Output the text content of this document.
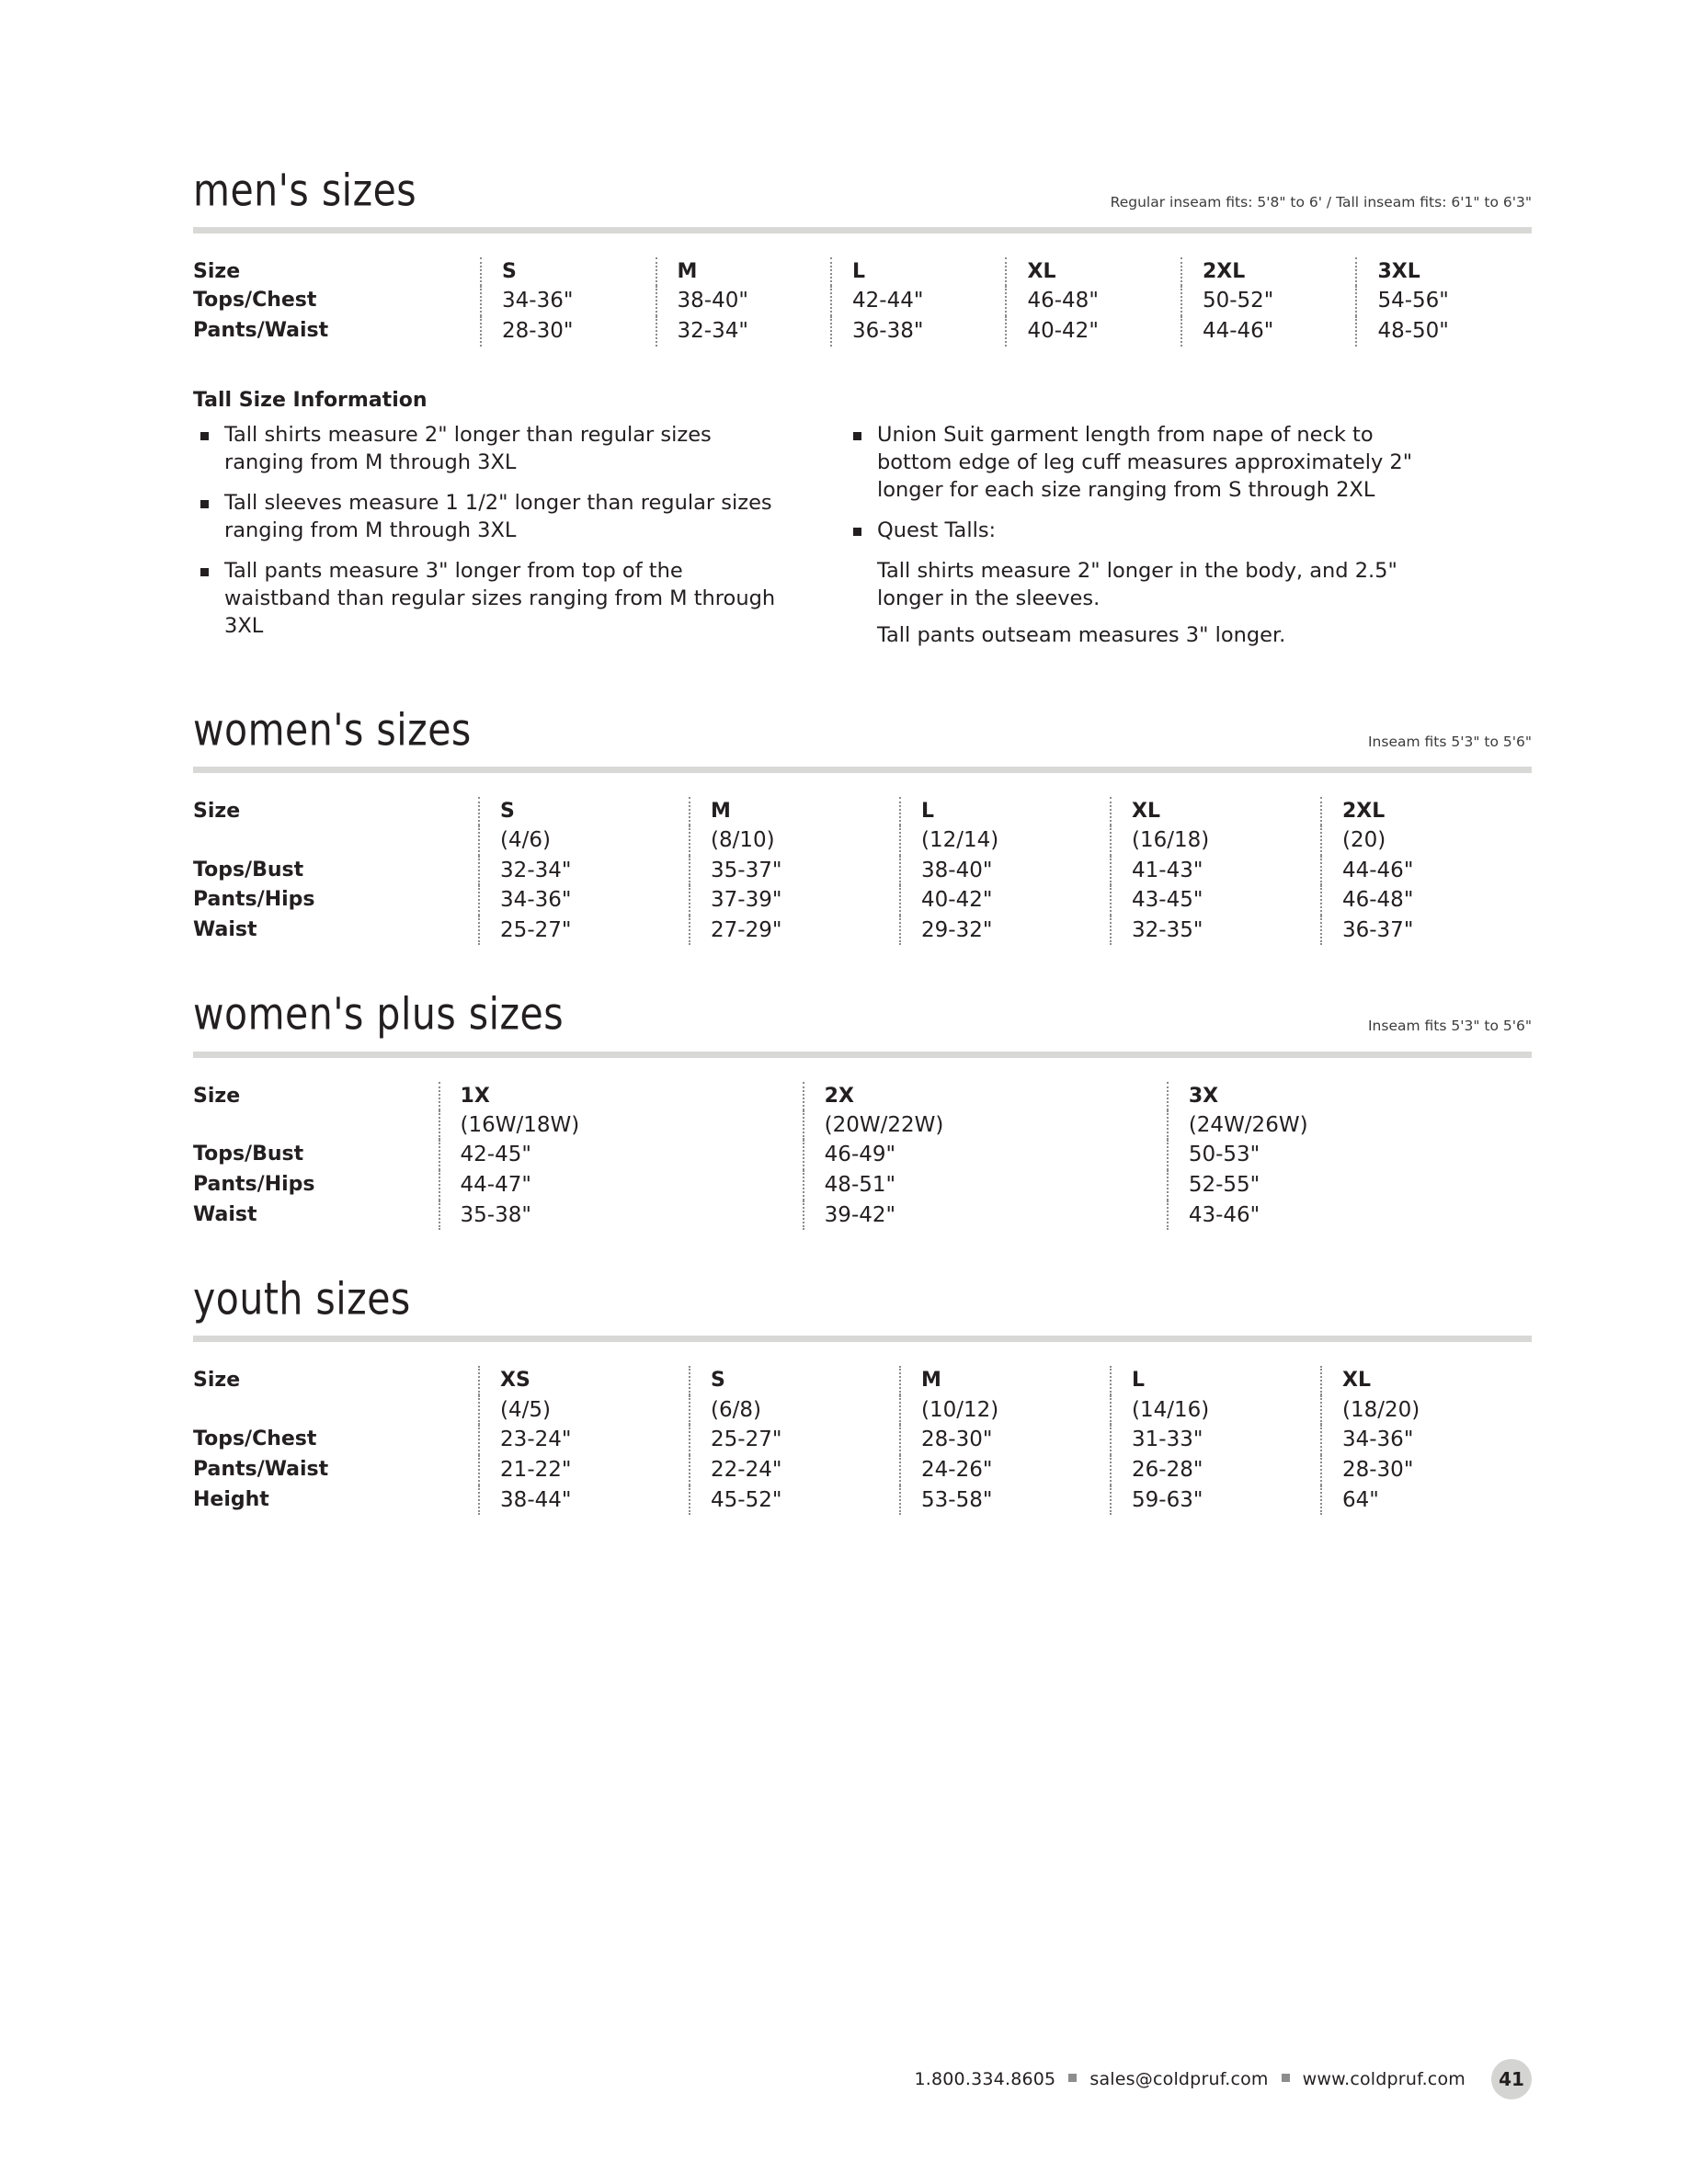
men's sizes	Regular inseam fits: 5'8" to 6' / Tall inseam fits: 6'1" to 6'3"
Size	S	M	L	XL	2XL	3XL
Tops/Chest	34-36"	38-40"	42-44"	46-48"	50-52"	54-56"
Pants/Waist	28-30"	32-34"	36-38"	40-42"	44-46"	48-50"
Tall Size Information
Tall shirts measure 2" longer than regular sizes ranging from M through 3XL
Tall sleeves measure 1 1/2" longer than regular sizes ranging from M through 3XL
Tall pants measure 3" longer from top of the waistband than regular sizes ranging from M through 3XL
Union Suit garment length from nape of neck to bottom edge of leg cuff measures approximately 2" longer for each size ranging from S through 2XL
Quest Talls:
Tall shirts measure 2" longer in the body, and 2.5" longer in the sleeves.
Tall pants outseam measures 3" longer.
women's sizes	Inseam fits 5'3" to 5'6"
Size	S	M	L	XL	2XL
	(4/6)	(8/10)	(12/14)	(16/18)	(20)
Tops/Bust	32-34"	35-37"	38-40"	41-43"	44-46"
Pants/Hips	34-36"	37-39"	40-42"	43-45"	46-48"
Waist	25-27"	27-29"	29-32"	32-35"	36-37"
women's plus sizes	Inseam fits 5'3" to 5'6"
Size	1X	2X	3X
	(16W/18W)	(20W/22W)	(24W/26W)
Tops/Bust	42-45"	46-49"	50-53"
Pants/Hips	44-47"	48-51"	52-55"
Waist	35-38"	39-42"	43-46"
youth sizes
Size	XS	S	M	L	XL
	(4/5)	(6/8)	(10/12)	(14/16)	(18/20)
Tops/Chest	23-24"	25-27"	28-30"	31-33"	34-36"
Pants/Waist	21-22"	22-24"	24-26"	26-28"	28-30"
Height	38-44"	45-52"	53-58"	59-63"	64"
1.800.334.8605 sales@coldpruf.com www.coldpruf.com	41
